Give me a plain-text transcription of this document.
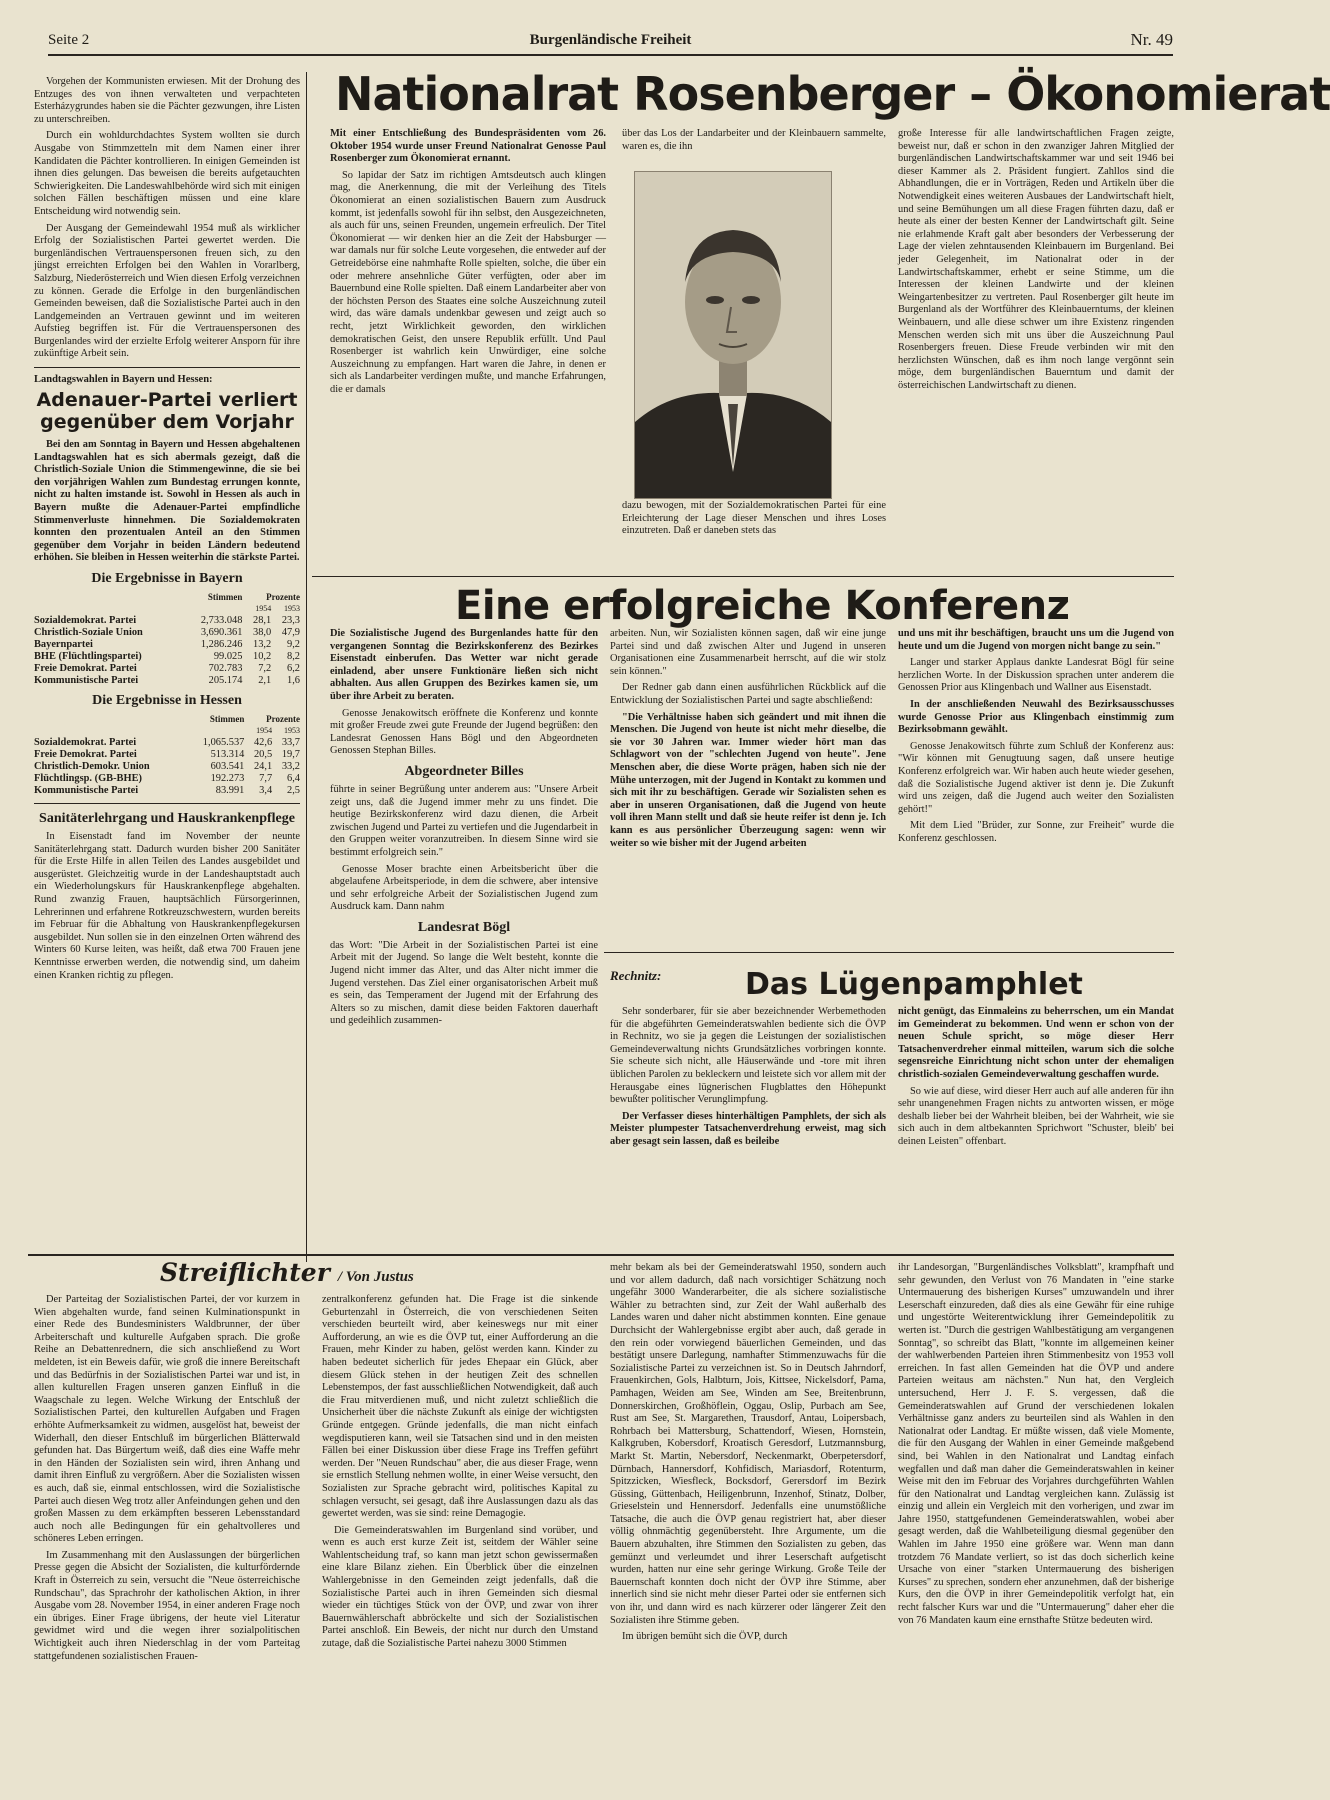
Seite 2	Burgenländische Freiheit	Nr. 49

Vorgehen der Kommunisten erwiesen. Mit der Drohung des Entzuges des von ihnen verwalteten und verpachteten Esterházygrundes haben sie die Pächter gezwungen, ihre Listen zu unterschreiben.

Durch ein wohldurchdachtes System wollten sie durch Ausgabe von Stimmzetteln mit dem Namen einer ihrer Kandidaten die Pächter kontrollieren. In einigen Gemeinden ist ihnen dies gelungen. Das beweisen die bereits aufgetauchten Schwierigkeiten. Die Landeswahlbehörde wird sich mit einigen solchen Fällen beschäftigen müssen und eine klare Entscheidung wird notwendig sein.

Der Ausgang der Gemeindewahl 1954 muß als wirklicher Erfolg der Sozialistischen Partei gewertet werden. Die burgenländischen Vertrauenspersonen freuen sich, zu den jüngst erreichten Erfolgen bei den Wahlen in Vorarlberg, Salzburg, Niederösterreich und Wien diesen Erfolg verzeichnen zu können. Gerade die Erfolge in den burgenländischen Gemeinden beweisen, daß die Sozialistische Partei auch in den Landgemeinden an Vertrauen gewinnt und im weiteren Aufstieg begriffen ist. Für die Vertrauenspersonen des Burgenlandes wird der erzielte Erfolg weiterer Ansporn für ihre zukünftige Arbeit sein.

Landtagswahlen in Bayern und Hessen:
Adenauer-Partei verliert gegenüber dem Vorjahr

Bei den am Sonntag in Bayern und Hessen abgehaltenen Landtagswahlen hat es sich abermals gezeigt, daß die Christlich-Soziale Union die Stimmengewinne, die sie bei den vorjährigen Wahlen zum Bundestag errungen konnte, nicht zu halten imstande ist. Sowohl in Hessen als auch in Bayern mußte die Adenauer-Partei empfindliche Stimmenverluste hinnehmen. Die Sozialdemokraten konnten den prozentualen Anteil an den Stimmen gegenüber dem Vorjahr in beiden Ländern bedeutend erhöhen. Sie bleiben in Hessen weiterhin die stärkste Partei.

Die Ergebnisse in Bayern
	Stimmen	Prozente	
		1954	1953
Sozialdemokrat. Partei	2,733.048	28,1	23,3
Christlich-Soziale Union	3,690.361	38,0	47,9
Bayernpartei	1,286.246	13,2	9,2
BHE (Flüchtlingspartei)	99.025	10,2	8,2
Freie Demokrat. Partei	702.783	7,2	6,2
Kommunistische Partei	205.174	2,1	1,6
Die Ergebnisse in Hessen
	Stimmen	Prozente	
		1954	1953
Sozialdemokrat. Partei	1,065.537	42,6	33,7
Freie Demokrat. Partei	513.314	20,5	19,7
Christlich-Demokr. Union	603.541	24,1	33,2
Flüchtlingsp. (GB-BHE)	192.273	7,7	6,4
Kommunistische Partei	83.991	3,4	2,5
Sanitäterlehrgang und Hauskrankenpflege

In Eisenstadt fand im November der neunte Sanitäterlehrgang statt. Dadurch wurden bisher 200 Sanitäter für die Erste Hilfe in allen Teilen des Landes ausgebildet und ausgerüstet. Gleichzeitig wurde in der Landeshauptstadt auch ein Wiederholungskurs für Hauskrankenpflege abgehalten. Rund zwanzig Frauen, hauptsächlich Fürsorgerinnen, Lehrerinnen und erfahrene Rotkreuzschwestern, wurden bereits im Februar für die Abhaltung von Hauskrankenpflegekursen ausgebildet. Nun sollen sie in den einzelnen Orten während des Winters 60 Kurse leiten, was heißt, daß etwa 700 Frauen jene Kenntnisse erwerben werden, die notwendig sind, um daheim einen Kranken richtig zu pflegen.

Nationalrat Rosenberger – Ökonomierat

Mit einer Entschließung des Bundespräsidenten vom 26. Oktober 1954 wurde unser Freund Nationalrat Genosse Paul Rosenberger zum Ökonomierat ernannt.

So lapidar der Satz im richtigen Amtsdeutsch auch klingen mag, die Anerkennung, die mit der Verleihung des Titels Ökonomierat an einen sozialistischen Bauern zum Ausdruck kommt, ist jedenfalls sowohl für ihn selbst, den Ausgezeichneten, als auch für uns, seinen Freunden, ungemein erfreulich. Der Titel Ökonomierat — wir denken hier an die Zeit der Habsburger — war damals nur für solche Leute vorgesehen, die entweder auf der Getreidebörse eine nahmhafte Rolle spielten, solche, die über ein oder mehrere ansehnliche Güter verfügten, oder aber im Bauernbund eine Rolle spielten. Daß einem Landarbeiter aber von der höchsten Person des Staates eine solche Auszeichnung zuteil wird, das wäre damals undenkbar gewesen und zeigt auch so recht, jetzt Wirklichkeit geworden, den wirklichen demokratischen Geist, den unsere Republik erfüllt. Und Paul Rosenberger ist wahrlich kein Unwürdiger, eine solche Auszeichnung zu empfangen. Hart waren die Jahre, in denen er sich als Landarbeiter verdingen mußte, und manche Erfahrungen, die er damals

über das Los der Landarbeiter und der Kleinbauern sammelte, waren es, die ihn

dazu bewogen, mit der Sozialdemokratischen Partei für eine Erleichterung der Lage dieser Menschen und ihres Loses einzutreten. Daß er daneben stets das

große Interesse für alle landwirtschaftlichen Fragen zeigte, beweist nur, daß er schon in den zwanziger Jahren Mitglied der burgenländischen Landwirtschaftskammer war und seit 1946 bei dieser Kammer als 2. Präsident fungiert. Zahllos sind die Abhandlungen, die er in Vorträgen, Reden und Artikeln über die Notwendigkeit eines weiteren Ausbaues der Landwirtschaft hielt, und seine Bemühungen um all diese Fragen führten dazu, daß er heute als einer der besten Kenner der Landwirtschaft gilt. Seine nie erlahmende Kraft galt aber besonders der Verbesserung der Lage der vielen zehntausenden Kleinbauern im Burgenland. Bei jeder Gelegenheit, im Nationalrat oder in der Landwirtschaftskammer, erhebt er seine Stimme, um die Interessen der kleinen Landwirte und der kleinen Weingartenbesitzer zu vertreten. Paul Rosenberger gilt heute im Burgenland als der Wortführer des Kleinbauerntums, der kleinen Weinbauern, und alle diese schwer um ihre Existenz ringenden Menschen werden sich mit uns über die Auszeichnung Paul Rosenbergers freuen. Diese Freude verbinden wir mit den herzlichsten Wünschen, daß es ihm noch lange vergönnt sein möge, dem burgenländischen Bauerntum und damit der österreichischen Landwirtschaft zu dienen.

Eine erfolgreiche Konferenz

Die Sozialistische Jugend des Burgenlandes hatte für den vergangenen Sonntag die Bezirkskonferenz des Bezirkes Eisenstadt einberufen. Das Wetter war nicht gerade einladend, aber unsere Funktionäre ließen sich nicht abhalten. Aus allen Gruppen des Bezirkes kamen sie, um über ihre Arbeit zu beraten.

Genosse Jenakowitsch eröffnete die Konferenz und konnte mit großer Freude zwei gute Freunde der Jugend begrüßen: den Landesrat Genossen Hans Bögl und den Abgeordneten Genossen Stephan Billes.

Abgeordneter Billes

führte in seiner Begrüßung unter anderem aus: "Unsere Arbeit zeigt uns, daß die Jugend immer mehr zu uns findet. Die heutige Bezirkskonferenz wird dazu dienen, die Arbeit zwischen Jugend und Partei zu vertiefen und die Jugendarbeit in den Gruppen weiter voranzutreiben. In diesem Sinne wird sie bestimmt erfolgreich sein."

Genosse Moser brachte einen Arbeitsbericht über die abgelaufene Arbeitsperiode, in dem die schwere, aber intensive und sehr erfolgreiche Arbeit der Sozialistischen Jugend zum Ausdruck kam. Dann nahm

Landesrat Bögl

das Wort: "Die Arbeit in der Sozialistischen Partei ist eine Arbeit mit der Jugend. So lange die Welt besteht, konnte die Jugend nicht immer das Alter, und das Alter nicht immer die Jugend verstehen. Das Ziel einer organisatorischen Arbeit muß es sein, das Temperament der Jugend mit der Erfahrung des Alters so zu mischen, damit diese beiden Faktoren dauerhaft und gedeihlich zusammen-

arbeiten. Nun, wir Sozialisten können sagen, daß wir eine junge Partei sind und daß zwischen Alter und Jugend in unseren Organisationen eine Zusammenarbeit herrscht, auf die wir stolz sein können."

Der Redner gab dann einen ausführlichen Rückblick auf die Entwicklung der Sozialistischen Partei und sagte abschließend:

"Die Verhältnisse haben sich geändert und mit ihnen die Menschen. Die Jugend von heute ist nicht mehr dieselbe, die sie vor 30 Jahren war. Immer wieder hört man das Schlagwort von der "schlechten Jugend von heute". Jene Menschen aber, die diese Worte prägen, haben sich nie der Mühe unterzogen, mit der Jugend in Kontakt zu kommen und sich mit ihr zu beschäftigen. Gerade wir Sozialisten sehen es aber in unseren Organisationen, daß die Jugend von heute voll ihren Mann stellt und daß sie heute reifer ist denn je. Ich kann es aus persönlicher Überzeugung sagen: wenn wir weiter so wie bisher mit der Jugend arbeiten

und uns mit ihr beschäftigen, braucht uns um die Jugend von heute und um die Jugend von morgen nicht bange zu sein."

Langer und starker Applaus dankte Landesrat Bögl für seine herzlichen Worte. In der Diskussion sprachen unter anderem die Genossen Prior aus Klingenbach und Wallner aus Eisenstadt.

In der anschließenden Neuwahl des Bezirksausschusses wurde Genosse Prior aus Klingenbach einstimmig zum Bezirksobmann gewählt.

Genosse Jenakowitsch führte zum Schluß der Konferenz aus: "Wir können mit Genugtuung sagen, daß unsere heutige Konferenz erfolgreich war. Wir haben auch heute wieder gesehen, daß die Sozialistische Jugend aktiver ist denn je. Die Zukunft wird uns zeigen, daß die Jugend auch weiter den Sozialisten gehört!"

Mit dem Lied "Brüder, zur Sonne, zur Freiheit" wurde die Konferenz geschlossen.

Rechnitz:	Das Lügenpamphlet

Sehr sonderbarer, für sie aber bezeichnender Werbemethoden für die abgeführten Gemeinderatswahlen bediente sich die ÖVP in Rechnitz, wo sie ja gegen die Leistungen der sozialistischen Gemeindeverwaltung nichts Grundsätzliches vorbringen konnte. Sie scheute sich nicht, alle Häuserwände und -tore mit ihren üblichen Parolen zu bekleckern und leistete sich vor allem mit der Herausgabe eines lügnerischen Flugblattes den Höhepunkt bewußter politischer Verunglimpfung.

Der Verfasser dieses hinterhältigen Pamphlets, der sich als Meister plumpester Tatsachenverdrehung erweist, mag sich aber gesagt sein lassen, daß es beileibe

nicht genügt, das Einmaleins zu beherrschen, um ein Mandat im Gemeinderat zu bekommen. Und wenn er schon von der neuen Schule spricht, so möge dieser Herr Tatsachenverdreher einmal mitteilen, warum sich die solche segensreiche Einrichtung nicht schon unter der ehemaligen christlich-sozialen Gemeindeverwaltung geschaffen wurde.

So wie auf diese, wird dieser Herr auch auf alle anderen für ihn sehr unangenehmen Fragen nichts zu antworten wissen, er möge deshalb lieber bei der Wahrheit bleiben, bei der Wahrheit, wie sie sich auch in dem altbekannten Sprichwort "Schuster, bleib' bei deinen Leisten" offenbart.

Streiflichter / Von Justus

Der Parteitag der Sozialistischen Partei, der vor kurzem in Wien abgehalten wurde, fand seinen Kulminationspunkt in einer Rede des Bundesministers Waldbrunner, der über Arbeiterschaft und kulturelle Aufgaben sprach. Die große Reihe an Debattenrednern, die sich anschließend zu Wort meldeten, ist ein Beweis dafür, wie groß die innere Bereitschaft und das Bedürfnis in der Sozialistischen Partei war und ist, in allen kulturellen Fragen unseren ganzen Einfluß in die Waagschale zu legen. Welche Wirkung der Entschluß der Sozialistischen Partei, den kulturellen Aufgaben und Fragen erhöhte Aufmerksamkeit zu widmen, ausgelöst hat, beweist der Widerhall, den dieser Entschluß im bürgerlichen Blätterwald gefunden hat. Das Bürgertum weiß, daß dies eine Waffe mehr in den Händen der Sozialisten sein wird, ihren Anhang und damit ihren Einfluß zu vergrößern. Aber die Sozialisten wissen es auch, daß sie, einmal entschlossen, wird die Sozialistische Partei auch diesen Weg trotz aller Anfeindungen gehen und den großen Massen zu dem erkämpften besseren Lebensstandard auch noch alle Bedingungen für ein gehaltvolleres und schöneres Leben erringen.

Im Zusammenhang mit den Auslassungen der bürgerlichen Presse gegen die Absicht der Sozialisten, die kulturfördernde Kraft in Österreich zu sein, versucht die "Neue österreichische Rundschau", das Sprachrohr der katholischen Aktion, in ihrer Ausgabe vom 28. November 1954, in einer anderen Frage noch ein übriges. Einer Frage übrigens, der heute viel Literatur gewidmet wird und die wegen ihrer sozialpolitischen Wichtigkeit auch ihren Niederschlag in der vom Parteitag stattgefundenen sozialistischen Frauen-

zentralkonferenz gefunden hat. Die Frage ist die sinkende Geburtenzahl in Österreich, die von verschiedenen Seiten verschieden beurteilt wird, aber keineswegs nur mit einer Aufforderung, an wie es die ÖVP tut, einer Aufforderung an die Frauen, mehr Kinder zu haben, gelöst werden kann. Kinder zu haben bedeutet sicherlich für jedes Ehepaar ein Glück, aber diesem Glück stehen in der heutigen Zeit des schnellen Lebenstempos, der fast ausschließlichen Notwendigkeit, daß auch die Frau mitverdienen muß, und nicht zuletzt schließlich die Unsicherheit über die nächste Zukunft als einige der wichtigsten Gründe entgegen. Gründe jedenfalls, die man nicht einfach wegdisputieren kann, weil sie Tatsachen sind und in den meisten Fällen bei einer Diskussion über diese Frage ins Treffen geführt werden. Der "Neuen Rundschau" aber, die aus dieser Frage, wenn sie ernstlich Stellung nehmen wollte, in einer Weise versucht, den Sozialisten zur Sprache gebracht wird, politisches Kapital zu schlagen versucht, sei gesagt, daß ihre Auslassungen dazu als das gewertet werden, was sie sind: reine Demagogie.

Die Gemeinderatswahlen im Burgenland sind vorüber, und wenn es auch erst kurze Zeit ist, seitdem der Wähler seine Wahlentscheidung traf, so kann man jetzt schon gewissermaßen eine klare Bilanz ziehen. Ein Überblick über die einzelnen Wahlergebnisse in den Gemeinden zeigt jedenfalls, daß die Sozialistische Partei auch in ihren Gemeinden sich diesmal wieder ein tüchtiges Stück von der ÖVP, und zwar von ihrer Bauernwählerschaft abbröckelte und sich der Sozialistischen Partei anschloß. Ein Beweis, der nicht nur durch den Umstand zutage, daß die Sozialistische Partei nahezu 3000 Stimmen

mehr bekam als bei der Gemeinderatswahl 1950, sondern auch und vor allem dadurch, daß nach vorsichtiger Schätzung noch ungefähr 3000 Wanderarbeiter, die als sichere sozialistische Wähler zu betrachten sind, zur Zeit der Wahl außerhalb des Landes waren und daher nicht abstimmen konnten. Eine genaue Durchsicht der Wahlergebnisse ergibt aber auch, daß gerade in den rein oder vorwiegend bäuerlichen Gemeinden, und das bestätigt unsere Darlegung, namhafter Stimmenzuwachs für die Sozialistische Partei zu verzeichnen ist. So in Deutsch Jahrndorf, Frauenkirchen, Gols, Halbturn, Jois, Kittsee, Nickelsdorf, Pama, Pamhagen, Weiden am See, Winden am See, Breitenbrunn, Donnerskirchen, Großhöflein, Oggau, Oslip, Purbach am See, Rust am See, St. Margarethen, Trausdorf, Antau, Loipersbach, Rohrbach bei Mattersburg, Schattendorf, Wiesen, Hornstein, Kalkgruben, Kobersdorf, Kroatisch Geresdorf, Lutzmannsburg, Markt St. Martin, Nebersdorf, Neckenmarkt, Oberpetersdorf, Dürnbach, Hannersdorf, Kohfidisch, Mariasdorf, Rotenturm, Spitzzicken, Wiesfleck, Bocksdorf, Gerersdorf im Bezirk Güssing, Güttenbach, Heiligenbrunn, Inzenhof, Stinatz, Dolber, Grieselstein und Hennersdorf. Jedenfalls eine unumstößliche Tatsache, die auch die ÖVP genau registriert hat, aber dieser völlig ohnmächtig gegenübersteht. Ihre Argumente, um die Bauern abzuhalten, ihre Stimmen den Sozialisten zu geben, das gemünzt und verleumdet und ihrer Leserschaft aufgetischt wurden, hatten nur eine sehr geringe Wirkung. Große Teile der Bauernschaft konnten doch nicht der ÖVP ihre Stimme, aber innerlich sind sie nicht mehr dieser Partei oder sie entfernen sich von ihr, und dann wird es nach kürzerer oder längerer Zeit den Sozialisten ihre Stimme geben.

Im übrigen bemüht sich die ÖVP, durch

ihr Landesorgan, "Burgenländisches Volksblatt", krampfhaft und sehr gewunden, den Verlust von 76 Mandaten in "eine starke Untermauerung des bisherigen Kurses" umzuwandeln und ihrer Leserschaft einzureden, daß dies als eine Gewähr für eine ruhige und ungestörte Weiterentwicklung ihrer Gemeindepolitik zu werten ist. "Durch die gestrigen Wahlbestätigung am vergangenen Sonntag", so schreibt das Blatt, "konnte im allgemeinen keiner der wahlwerbenden Parteien ihren Stimmenbesitz von 1953 voll erreichen. In fast allen Gemeinden hat die ÖVP und andere Parteien weitaus am nächsten." Nun hat, den Vergleich untersuchend, Herr J. F. S. vergessen, daß die Gemeinderatswahlen auf Grund der verschiedenen lokalen Verhältnisse ganz anders zu beurteilen sind als Wahlen in den Nationalrat oder Landtag. Er müßte wissen, daß viele Momente, die für den Ausgang der Wahlen in einer Gemeinde maßgebend sind, bei Wahlen in den Nationalrat und Landtag einfach wegfallen und daß man daher die Gemeinderatswahlen in keiner Weise mit den im Februar des Vorjahres durchgeführten Wahlen für den Nationalrat und Landtag vergleichen kann. Zulässig ist einzig und allein ein Vergleich mit den vorherigen, und zwar im Jahre 1950, stattgefundenen Gemeinderatswahlen, wobei aber gesagt werden, daß die Wahlbeteiligung diesmal gegenüber den Wahlen im Jahre 1950 eine größere war. Wenn man dann trotzdem 76 Mandate verliert, so ist das doch sicherlich keine Ursache von einer "starken Untermauerung des bisherigen Kurses" zu sprechen, sondern eher anzunehmen, daß der bisherige Kurs, den die ÖVP in ihrer Gemeindepolitik verfolgt hat, ein recht falscher Kurs war und die "Untermauerung" daher eher die von 76 Mandaten kaum eine ernsthafte Stütze bedeuten wird.
